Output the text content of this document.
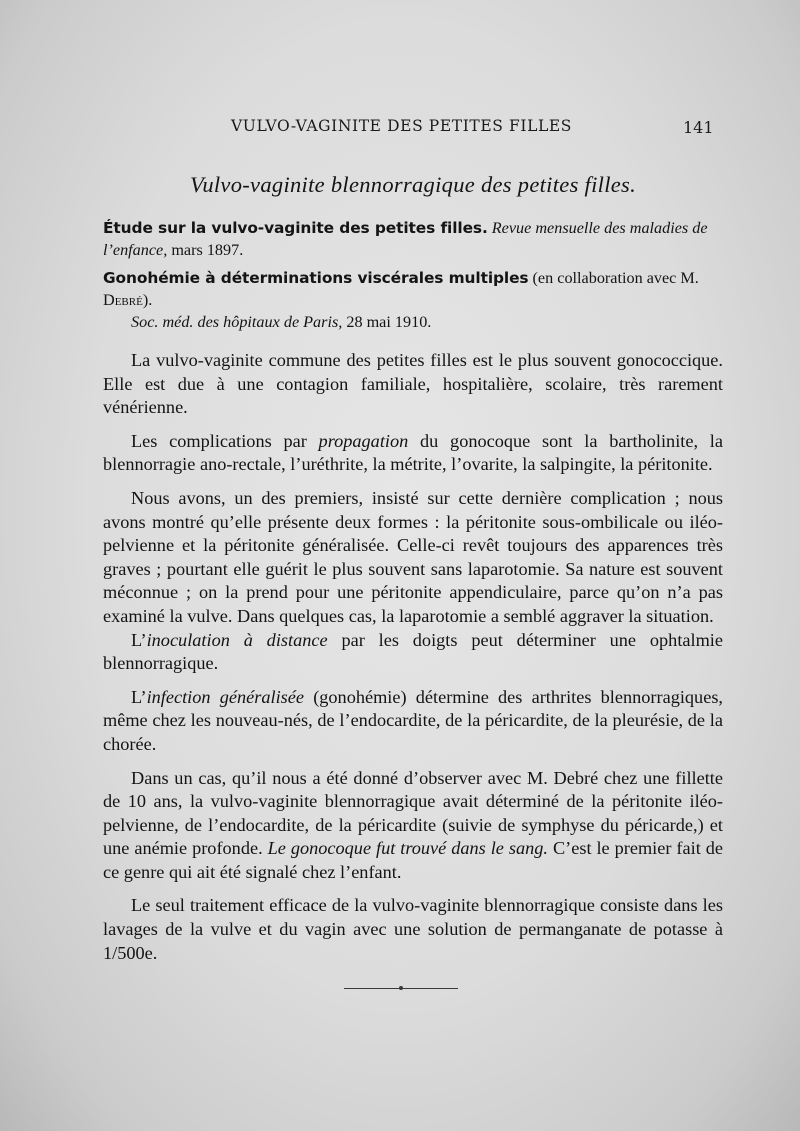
VULVO-VAGINITE DES PETITES FILLES	141
Vulvo-vaginite blennorragique des petites filles.
Étude sur la vulvo-vaginite des petites filles. Revue mensuelle des maladies de l’enfance, mars 1897.
Gonohémie à déterminations viscérales multiples (en collaboration avec M. Debré).
Soc. méd. des hôpitaux de Paris, 28 mai 1910.

La vulvo-vaginite commune des petites filles est le plus souvent gonococcique. Elle est due à une contagion familiale, hospitalière, scolaire, très rarement vénérienne.

Les complications par propagation du gonocoque sont la bartholinite, la blennorragie ano-rectale, l’uréthrite, la métrite, l’ovarite, la salpingite, la péritonite.

Nous avons, un des premiers, insisté sur cette dernière complication ; nous avons montré qu’elle présente deux formes : la péritonite sous-ombilicale ou iléo-pelvienne et la péritonite généralisée. Celle-ci revêt toujours des apparences très graves ; pourtant elle guérit le plus souvent sans laparotomie. Sa nature est souvent méconnue ; on la prend pour une péritonite appendiculaire, parce qu’on n’a pas examiné la vulve. Dans quelques cas, la laparotomie a semblé aggraver la situation.

L’inoculation à distance par les doigts peut déterminer une ophtalmie blennorragique.

L’infection généralisée (gonohémie) détermine des arthrites blennorragiques, même chez les nouveau-nés, de l’endocardite, de la péricardite, de la pleurésie, de la chorée.

Dans un cas, qu’il nous a été donné d’observer avec M. Debré chez une fillette de 10 ans, la vulvo-vaginite blennorragique avait déterminé de la péritonite iléo-pelvienne, de l’endocardite, de la péricardite (suivie de symphyse du péricarde,) et une anémie profonde. Le gonocoque fut trouvé dans le sang. C’est le premier fait de ce genre qui ait été signalé chez l’enfant.

Le seul traitement efficace de la vulvo-vaginite blennorragique consiste dans les lavages de la vulve et du vagin avec une solution de permanganate de potasse à 1/500e.
